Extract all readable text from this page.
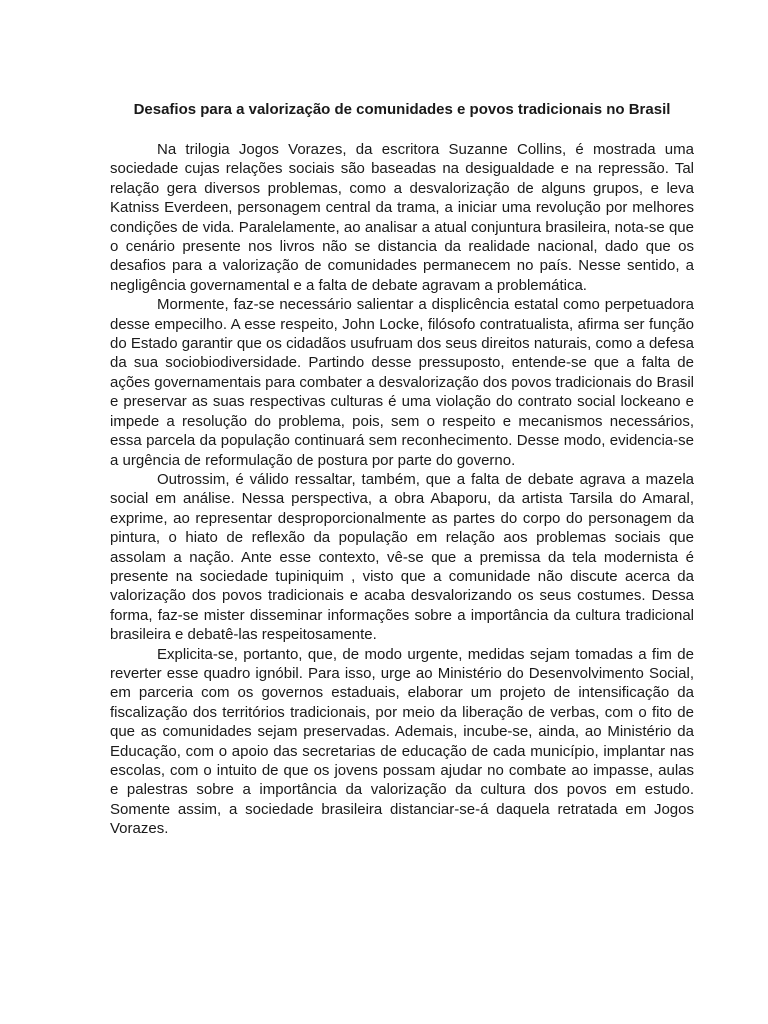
Desafios para a valorização de comunidades e povos tradicionais no Brasil

Na trilogia Jogos Vorazes, da escritora Suzanne Collins, é mostrada uma sociedade cujas relações sociais são baseadas na desigualdade e na repressão. Tal relação gera diversos problemas, como a desvalorização de alguns grupos, e leva Katniss Everdeen, personagem central da trama, a iniciar uma revolução por melhores condições de vida. Paralelamente, ao analisar a atual conjuntura brasileira, nota-se que o cenário presente nos livros não se distancia da realidade nacional, dado que os desafios para a valorização de comunidades permanecem no país. Nesse sentido, a negligência governamental e a falta de debate agravam a problemática.

Mormente, faz-se necessário salientar a displicência estatal como perpetuadora desse empecilho. A esse respeito, John Locke, filósofo contratualista, afirma ser função do Estado garantir que os cidadãos usufruam dos seus direitos naturais, como a defesa da sua sociobiodiversidade. Partindo desse pressuposto, entende-se que a falta de ações governamentais para combater a desvalorização dos povos tradicionais do Brasil e preservar as suas respectivas culturas é uma violação do contrato social lockeano e impede a resolução do problema, pois, sem o respeito e mecanismos necessários, essa parcela da população continuará sem reconhecimento. Desse modo, evidencia-se a urgência de reformulação de postura por parte do governo.

Outrossim, é válido ressaltar, também, que a falta de debate agrava a mazela social em análise. Nessa perspectiva, a obra Abaporu, da artista Tarsila do Amaral, exprime, ao representar desproporcionalmente as partes do corpo do personagem da pintura, o hiato de reflexão da população em relação aos problemas sociais que assolam a nação. Ante esse contexto, vê-se que a premissa da tela modernista é presente na sociedade tupiniquim , visto que a comunidade não discute acerca da valorização dos povos tradicionais e acaba desvalorizando os seus costumes. Dessa forma, faz-se mister disseminar informações sobre a importância da cultura tradicional brasileira e debatê-las respeitosamente.

Explicita-se, portanto, que, de modo urgente, medidas sejam tomadas a fim de reverter esse quadro ignóbil. Para isso, urge ao Ministério do Desenvolvimento Social, em parceria com os governos estaduais, elaborar um projeto de intensificação da fiscalização dos territórios tradicionais, por meio da liberação de verbas, com o fito de que as comunidades sejam preservadas. Ademais, incube-se, ainda, ao Ministério da Educação, com o apoio das secretarias de educação de cada município, implantar nas escolas, com o intuito de que os jovens possam ajudar no combate ao impasse, aulas e palestras sobre a importância da valorização da cultura dos povos em estudo. Somente assim, a sociedade brasileira distanciar-se-á daquela retratada em Jogos Vorazes.
